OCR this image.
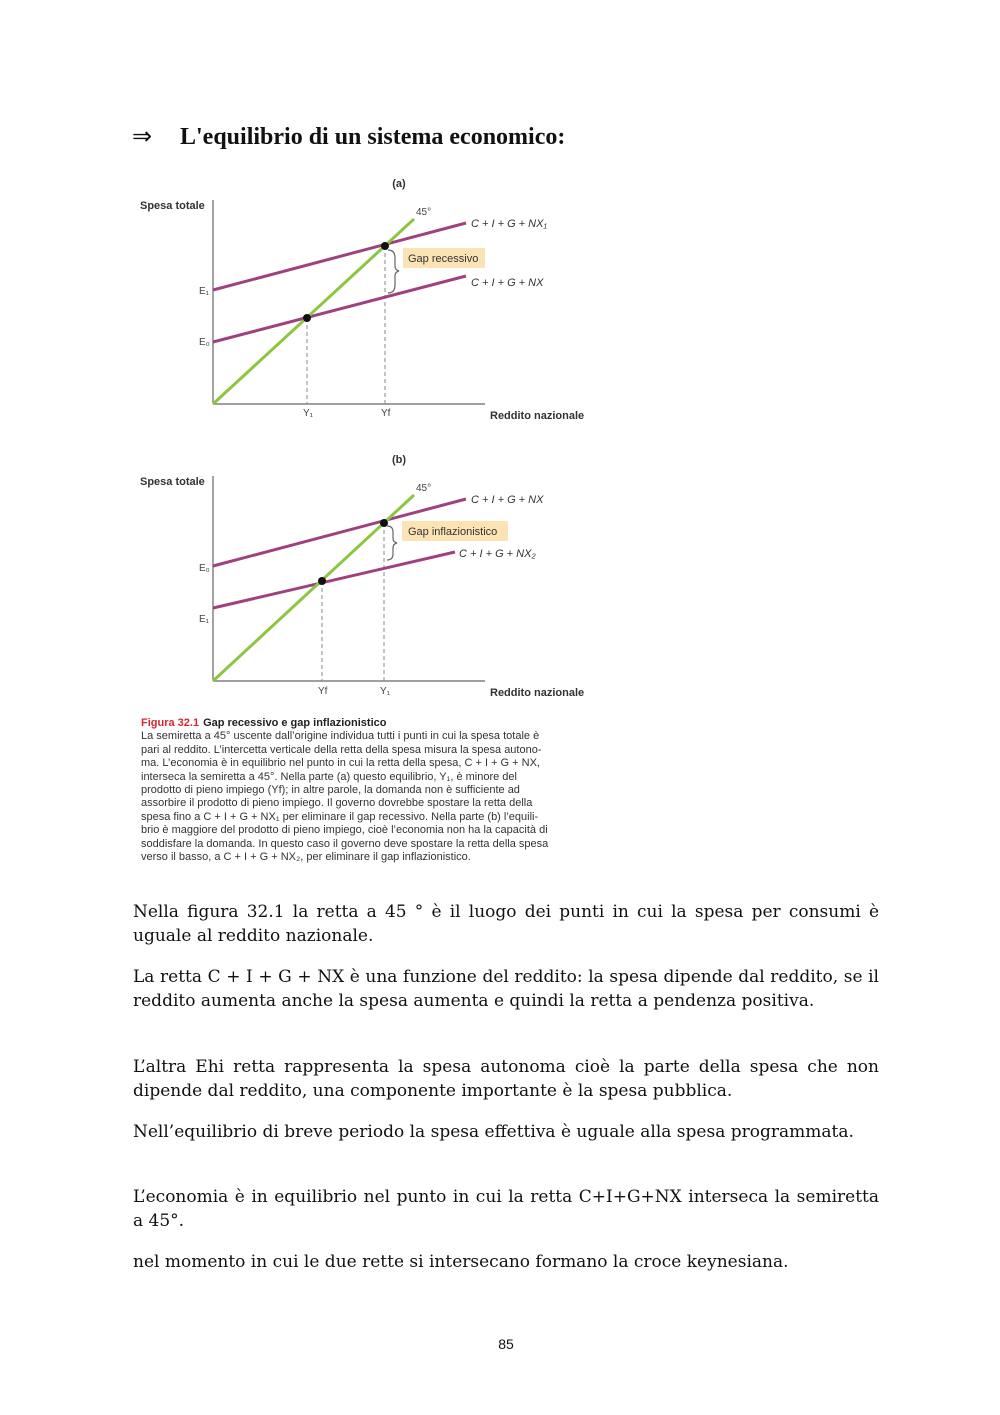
⇒ L'equilibrio di un sistema economico:
(a)
Spesa totale
Reddito nazionale
Gap recessivo
45°
C + I + G + NX₁
C + I + G + NX
E₁
E₀
Y₁	Yf
(b)
Spesa totale
Reddito nazionale
Gap inflazionistico
45°
C + I + G + NX
C + I + G + NX₂
E₀
E₁
Yf	Y₁
Figura 32.1 Gap recessivo e gap inflazionistico
La semiretta a 45° uscente dall’origine individua tutti i punti in cui la spesa totale è
pari al reddito. L’intercetta verticale della retta della spesa misura la spesa autono-
ma. L’economia è in equilibrio nel punto in cui la retta della spesa, C + I + G + NX,
interseca la semiretta a 45°. Nella parte (a) questo equilibrio, Y₁, è minore del
prodotto di pieno impiego (Yf); in altre parole, la domanda non è sufficiente ad
assorbire il prodotto di pieno impiego. Il governo dovrebbe spostare la retta della
spesa fino a C + I + G + NX₁ per eliminare il gap recessivo. Nella parte (b) l’equili-
brio è maggiore del prodotto di pieno impiego, cioè l’economia non ha la capacità di
soddisfare la domanda. In questo caso il governo deve spostare la retta della spesa
verso il basso, a C + I + G + NX₂, per eliminare il gap inflazionistico.

Nella figura 32.1 la retta a 45 ° è il luogo dei punti in cui la spesa per consumi è uguale al reddito nazionale.

La retta C + I + G + NX è una funzione del reddito: la spesa dipende dal reddito, se il reddito aumenta anche la spesa aumenta e quindi la retta a pendenza positiva.

L’altra Ehi retta rappresenta la spesa autonoma cioè la parte della spesa che non dipende dal reddito, una componente importante è la spesa pubblica.

Nell’equilibrio di breve periodo la spesa effettiva è uguale alla spesa programmata.

L’economia è in equilibrio nel punto in cui la retta C+I+G+NX interseca la semiretta a 45°.

nel momento in cui le due rette si intersecano formano la croce keynesiana.

85
